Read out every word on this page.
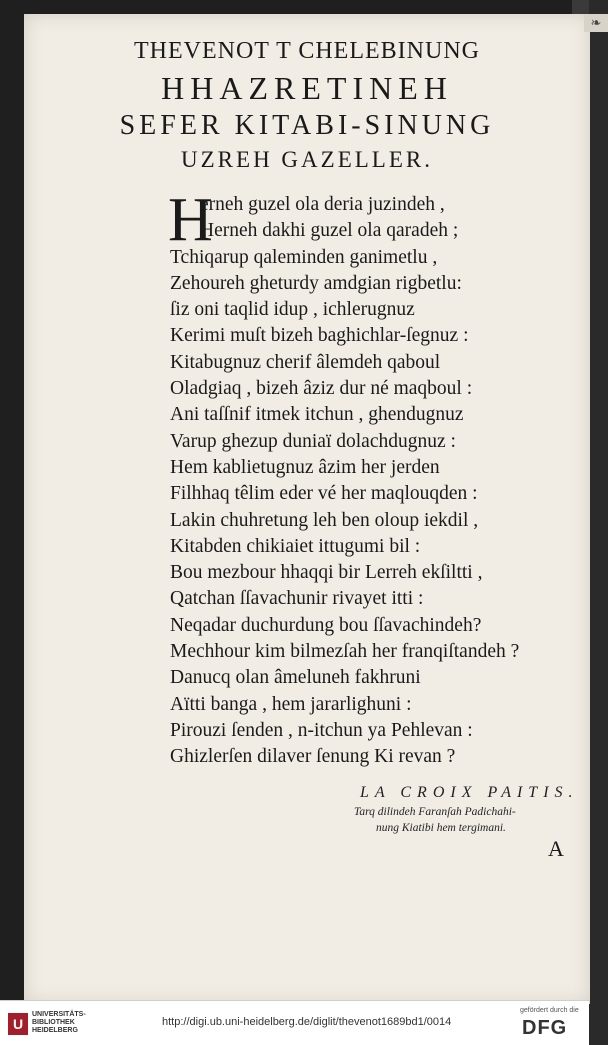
❧
THEVENOT T CHELEBINUNG
HHAZRETINEH
SEFER KITABI-SINUNG
UZREH GAZELLER.
H
erneh guzel ola deria juzindeh ,
Herneh dakhi guzel ola qaradeh ;
Tchiqarup qaleminden ganimetlu ,
Zehoureh gheturdy amdgian rigbetlu:
ſiz oni taqlid idup , ichlerugnuz
Kerimi muſt bizeh baghichlar-ſegnuz :
Kitabugnuz cherif âlemdeh qaboul
Oladgiaq , bizeh âziz dur né maqboul :
Ani taſſnif itmek itchun , ghendugnuz
Varup ghezup duniaï dolachdugnuz :
Hem kablietugnuz âzim her jerden
Filhhaq têlim eder vé her maqlouqden :
Lakin chuhretung leh ben oloup iekdil ,
Kitabden chikiaiet ittugumi bil :
Bou mezbour hhaqqi bir Lerreh ekſiltti ,
Qatchan ſſavachunir rivayet itti :
Neqadar duchurdung bou ſſavachindeh?
Mechhour kim bilmezſah her franqiſtandeh ?
Danucq olan âmeluneh fakhruni
Aïtti banga , hem jararlighuni :
Pirouzi ſenden , n-itchun ya Pehlevan :
Ghizlerſen dilaver ſenung Ki revan ?
LA CROIX PAITIS.
Tarq dilindeh Faranſah Padichahi-
nung Kiatibi hem tergimani.
A
U
UNIVERSITÄTS-
BIBLIOTHEK
HEIDELBERG
http://digi.ub.uni-heidelberg.de/diglit/thevenot1689bd1/0014
gefördert durch die
DFG
